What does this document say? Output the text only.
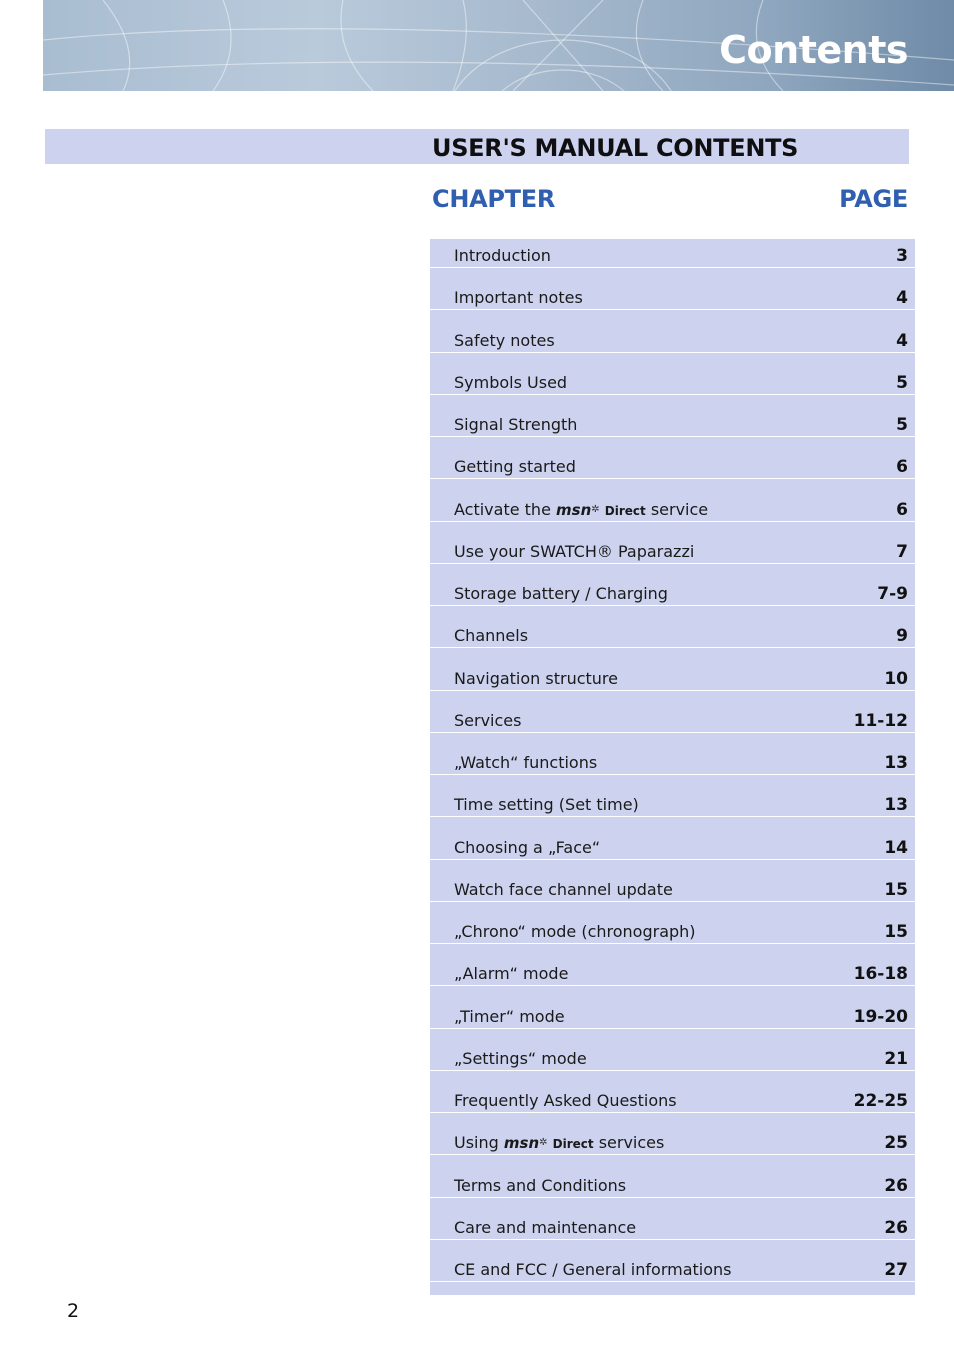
Contents
USER'S MANUAL CONTENTS
CHAPTER	PAGE
Introduction	3
Important notes	4
Safety notes	4
Symbols Used	5
Signal Strength	5
Getting started	6
Activate the msn✲ Direct service	6
Use your SWATCH® Paparazzi	7
Storage battery / Charging	7-9
Channels	9
Navigation structure	10
Services	11-12
„Watch“ functions	13
Time setting (Set time)	13
Choosing a „Face“	14
Watch face channel update	15
„Chrono“ mode (chronograph)	15
„Alarm“ mode	16-18
„Timer“ mode	19-20
„Settings“ mode	21
Frequently Asked Questions	22-25
Using msn✲ Direct services	25
Terms and Conditions	26
Care and maintenance	26
CE and FCC / General informations	27
2
